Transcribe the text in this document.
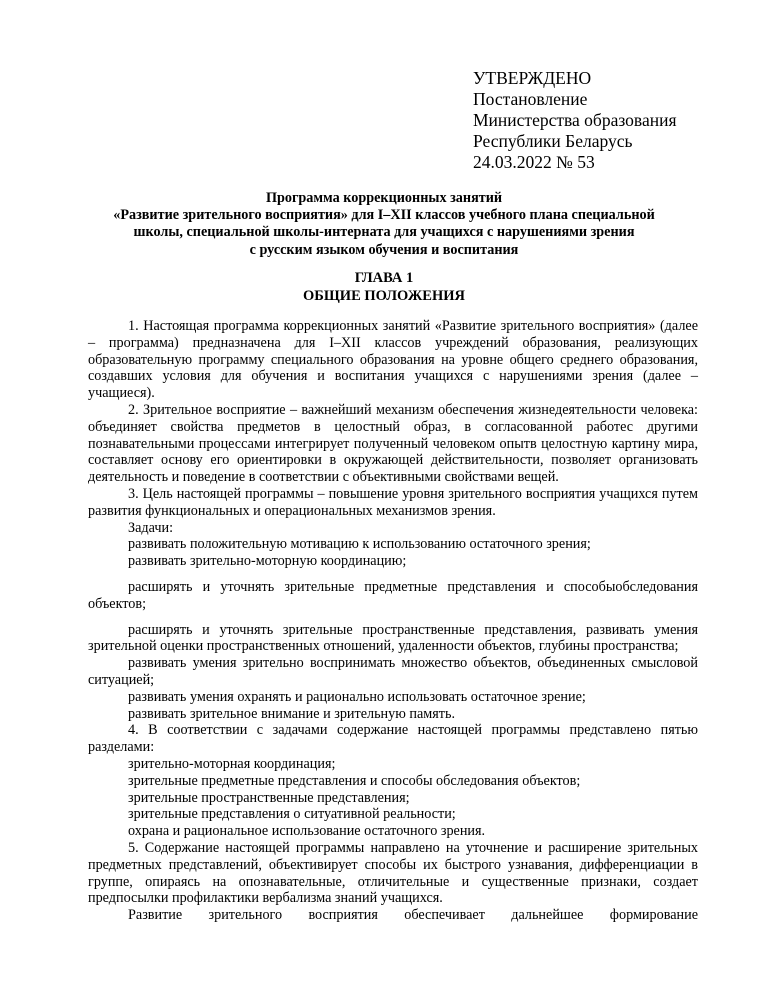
УТВЕРЖДЕНО
Постановление
Министерства образования
Республики Беларусь
24.03.2022 № 53
Программа коррекционных занятий
«Развитие зрительного восприятия» для I–XII классов учебного плана специальной
школы, специальной школы-интерната для учащихся с нарушениями зрения
с русским языком обучения и воспитания
ГЛАВА 1
ОБЩИЕ ПОЛОЖЕНИЯ

1. Настоящая программа коррекционных занятий «Развитие зрительного восприятия» (далее – программа) предназначена для I–XII классов учреждений образования, реализующих образовательную программу специального образования на уровне общего среднего образования, создавших условия для обучения и воспитания учащихся с нарушениями зрения (далее – учащиеся).

2. Зрительное восприятие – важнейший механизм обеспечения жизнедеятельности человека: объединяет свойства предметов в целостный образ, в согласованной работес другими познавательными процессами интегрирует полученный человеком опытв целостную картину мира, составляет основу его ориентировки в окружающей действительности, позволяет организовать деятельность и поведение в соответствии с объективными свойствами вещей.

3. Цель настоящей программы – повышение уровня зрительного восприятия учащихся путем развития функциональных и операциональных механизмов зрения.

Задачи:

развивать положительную мотивацию к использованию остаточного зрения;

развивать зрительно-моторную координацию;

расширять и уточнять зрительные предметные представления и способыобследования объектов;

расширять и уточнять зрительные пространственные представления, развивать умения зрительной оценки пространственных отношений, удаленности объектов, глубины пространства;

развивать умения зрительно воспринимать множество объектов, объединенных смысловой ситуацией;

развивать умения охранять и рационально использовать остаточное зрение;

развивать зрительное внимание и зрительную память.

4. В соответствии с задачами содержание настоящей программы представлено пятью разделами:

зрительно-моторная координация;

зрительные предметные представления и способы обследования объектов;

зрительные пространственные представления;

зрительные представления о ситуативной реальности;

охрана и рациональное использование остаточного зрения.

5. Содержание настоящей программы направлено на уточнение и расширение зрительных предметных представлений, объективирует способы их быстрого узнавания, дифференциации в группе, опираясь на опознавательные, отличительные и существенные признаки, создает предпосылки профилактики вербализма знаний учащихся.

Развитие зрительного восприятия обеспечивает дальнейшее формирование
